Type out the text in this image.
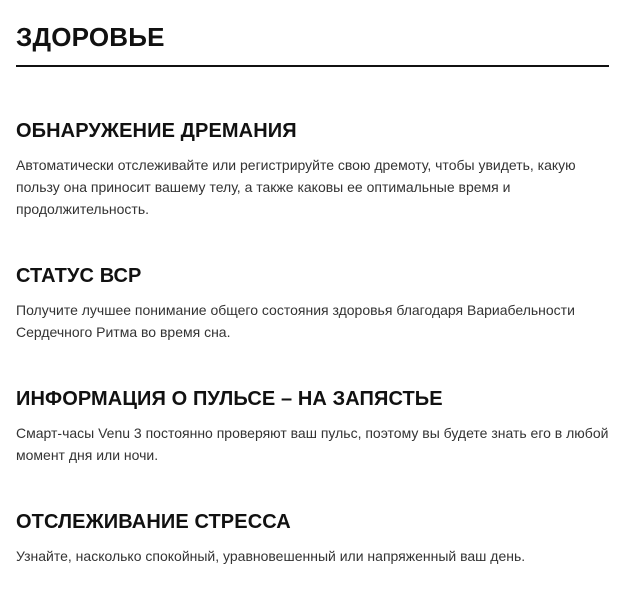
ЗДОРОВЬЕ
ОБНАРУЖЕНИЕ ДРЕМАНИЯ

Автоматически отслеживайте или регистрируйте свою дремоту, чтобы увидеть, какую пользу она приносит вашему телу, а также каковы ее оптимальные время и продолжительность.

СТАТУС ВСР

Получите лучшее понимание общего состояния здоровья благодаря Вариабельности Сердечного Ритма во время сна.

ИНФОРМАЦИЯ О ПУЛЬСЕ – НА ЗАПЯСТЬЕ

Смарт-часы Venu 3 постоянно проверяют ваш пульс, поэтому вы будете знать его в любой момент дня или ночи.

ОТСЛЕЖИВАНИЕ СТРЕССА

Узнайте, насколько спокойный, уравновешенный или напряженный ваш день.
